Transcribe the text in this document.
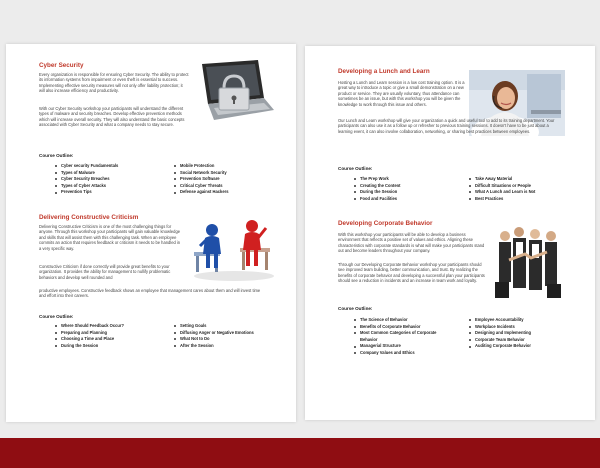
Cyber Security

Every organization is responsible for ensuring Cyber Security. The ability to protect its information systems from impairment or even theft is essential to success. Implementing effective security measures will not only offer liability protection; it will also increase efficiency and productivity.

With our Cyber Security workshop your participants will understand the different types of malware and security breaches. Develop effective prevention methods which will increase overall security. They will also understand the basic concepts associated with Cyber Security and what a company needs to stay secure.

Course Outline:

Cyber security Fundamentals
Types of Malware
Cyber Security Breaches
Types of Cyber Attacks
Prevention Tips
Mobile Protection
Social Network Security
Prevention Software
Critical Cyber Threats
Defense against Hackers
Delivering Constructive Criticism

Delivering Constructive Criticism is one of the most challenging things for anyone. Through this workshop your participants will gain valuable knowledge and skills that will assist them with this challenging task. When an employee commits an action that requires feedback or criticism it needs to be handled in a very specific way.

Constructive Criticism if done correctly will provide great benefits to your organization. It provides the ability for management to nullify problematic behaviors and develop well rounded and

productive employees. Constructive feedback shows an employee that management cares about them and will invest time and effort into their careers.

Course Outline:

Where Should Feedback Occur?
Preparing and Planning
Choosing a Time and Place
During the Session
Setting Goals
Diffusing Anger or Negative Emotions
What Not to Do
After the Session
Developing a Lunch and Learn

Hosting a Lunch and Learn session is a low cost training option. It is a great way to introduce a topic or give a small demonstration on a new product or service. They are usually voluntary, thus attendance can sometimes be an issue, but with this workshop you will be given the knowledge to work through this issue and others.

Our Lunch and Learn workshop will give your organization a quick and useful tool to add to its training department. Your participants can also use it as a follow up or refresher to previous training sessions. It doesn't have to be just about a learning event, it can also involve collaboration, networking, or sharing best practices between employees.

Course Outline:

The Prep Work
Creating the Content
During the Session
Food and Facilities
Take Away Material
Difficult Situations or People
What A Lunch and Learn is Not
Best Practices
Developing Corporate Behavior

With this workshop your participants will be able to develop a business environment that reflects a positive set of values and ethics. Aligning these characteristics with corporate standards is what will make your participants stand out and become leaders throughout your company.

Through our Developing Corporate Behavior workshop your participants should see improved team building, better communication, and trust. By realizing the benefits of corporate behavior and developing a successful plan your participants should see a reduction in incidents and an increase in team work and loyalty.

Course Outline:

The Science of Behavior
Benefits of Corporate Behavior
Most Common Categories of Corporate Behavior
Managerial Structure
Company Values and Ethics
Employee Accountability
Workplace Incidents
Designing and Implementing
Corporate Team Behavior
Auditing Corporate Behavior
